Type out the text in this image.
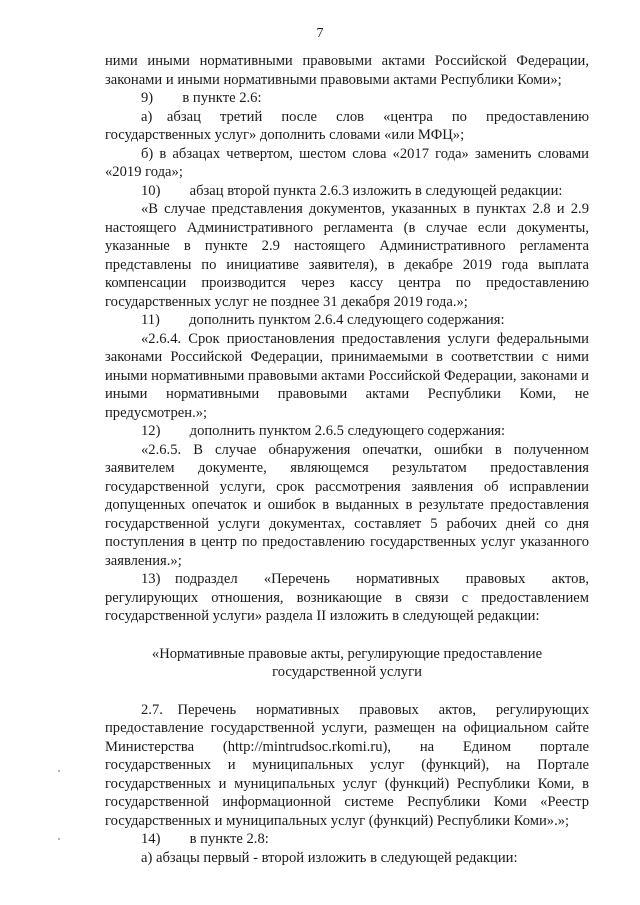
7

ними иными нормативными правовыми актами Российской Федерации, законами и иными нормативными правовыми актами Республики Коми»;

9)  в пункте 2.6:

а) абзац третий после слов «центра по предоставлению государственных услуг» дополнить словами «или МФЦ»;

б) в абзацах четвертом, шестом слова «2017 года» заменить словами «2019 года»;

10)  абзац второй пункта 2.6.3 изложить в следующей редакции:

«В случае представления документов, указанных в пунктах 2.8 и 2.9 настоящего Административного регламента (в случае если документы, указанные в пункте 2.9 настоящего Административного регламента представлены по инициативе заявителя), в декабре 2019 года выплата компенсации производится через кассу центра по предоставлению государственных услуг не позднее 31 декабря 2019 года.»;

11)  дополнить пунктом 2.6.4 следующего содержания:

«2.6.4. Срок приостановления предоставления услуги федеральными законами Российской Федерации, принимаемыми в соответствии с ними иными нормативными правовыми актами Российской Федерации, законами и иными нормативными правовыми актами Республики Коми, не предусмотрен.»;

12)  дополнить пунктом 2.6.5 следующего содержания:

«2.6.5. В случае обнаружения опечатки, ошибки в полученном заявителем документе, являющемся результатом предоставления государственной услуги, срок рассмотрения заявления об исправлении допущенных опечаток и ошибок в выданных в результате предоставления государственной услуги документах, составляет 5 рабочих дней со дня поступления в центр по предоставлению государственных услуг указанного заявления.»;

13) подраздел «Перечень нормативных правовых актов, регулирующих отношения, возникающие в связи с предоставлением государственной услуги» раздела II изложить в следующей редакции:

«Нормативные правовые акты, регулирующие предоставление государственной услуги

2.7. Перечень нормативных правовых актов, регулирующих предоставление государственной услуги, размещен на официальном сайте Министерства (http://mintrudsoc.rkomi.ru), на Едином портале государственных и муниципальных услуг (функций), на Портале государственных и муниципальных услуг (функций) Республики Коми, в государственной информационной системе Республики Коми «Реестр государственных и муниципальных услуг (функций) Республики Коми».»;

14)  в пункте 2.8:

а) абзацы первый - второй изложить в следующей редакции:
